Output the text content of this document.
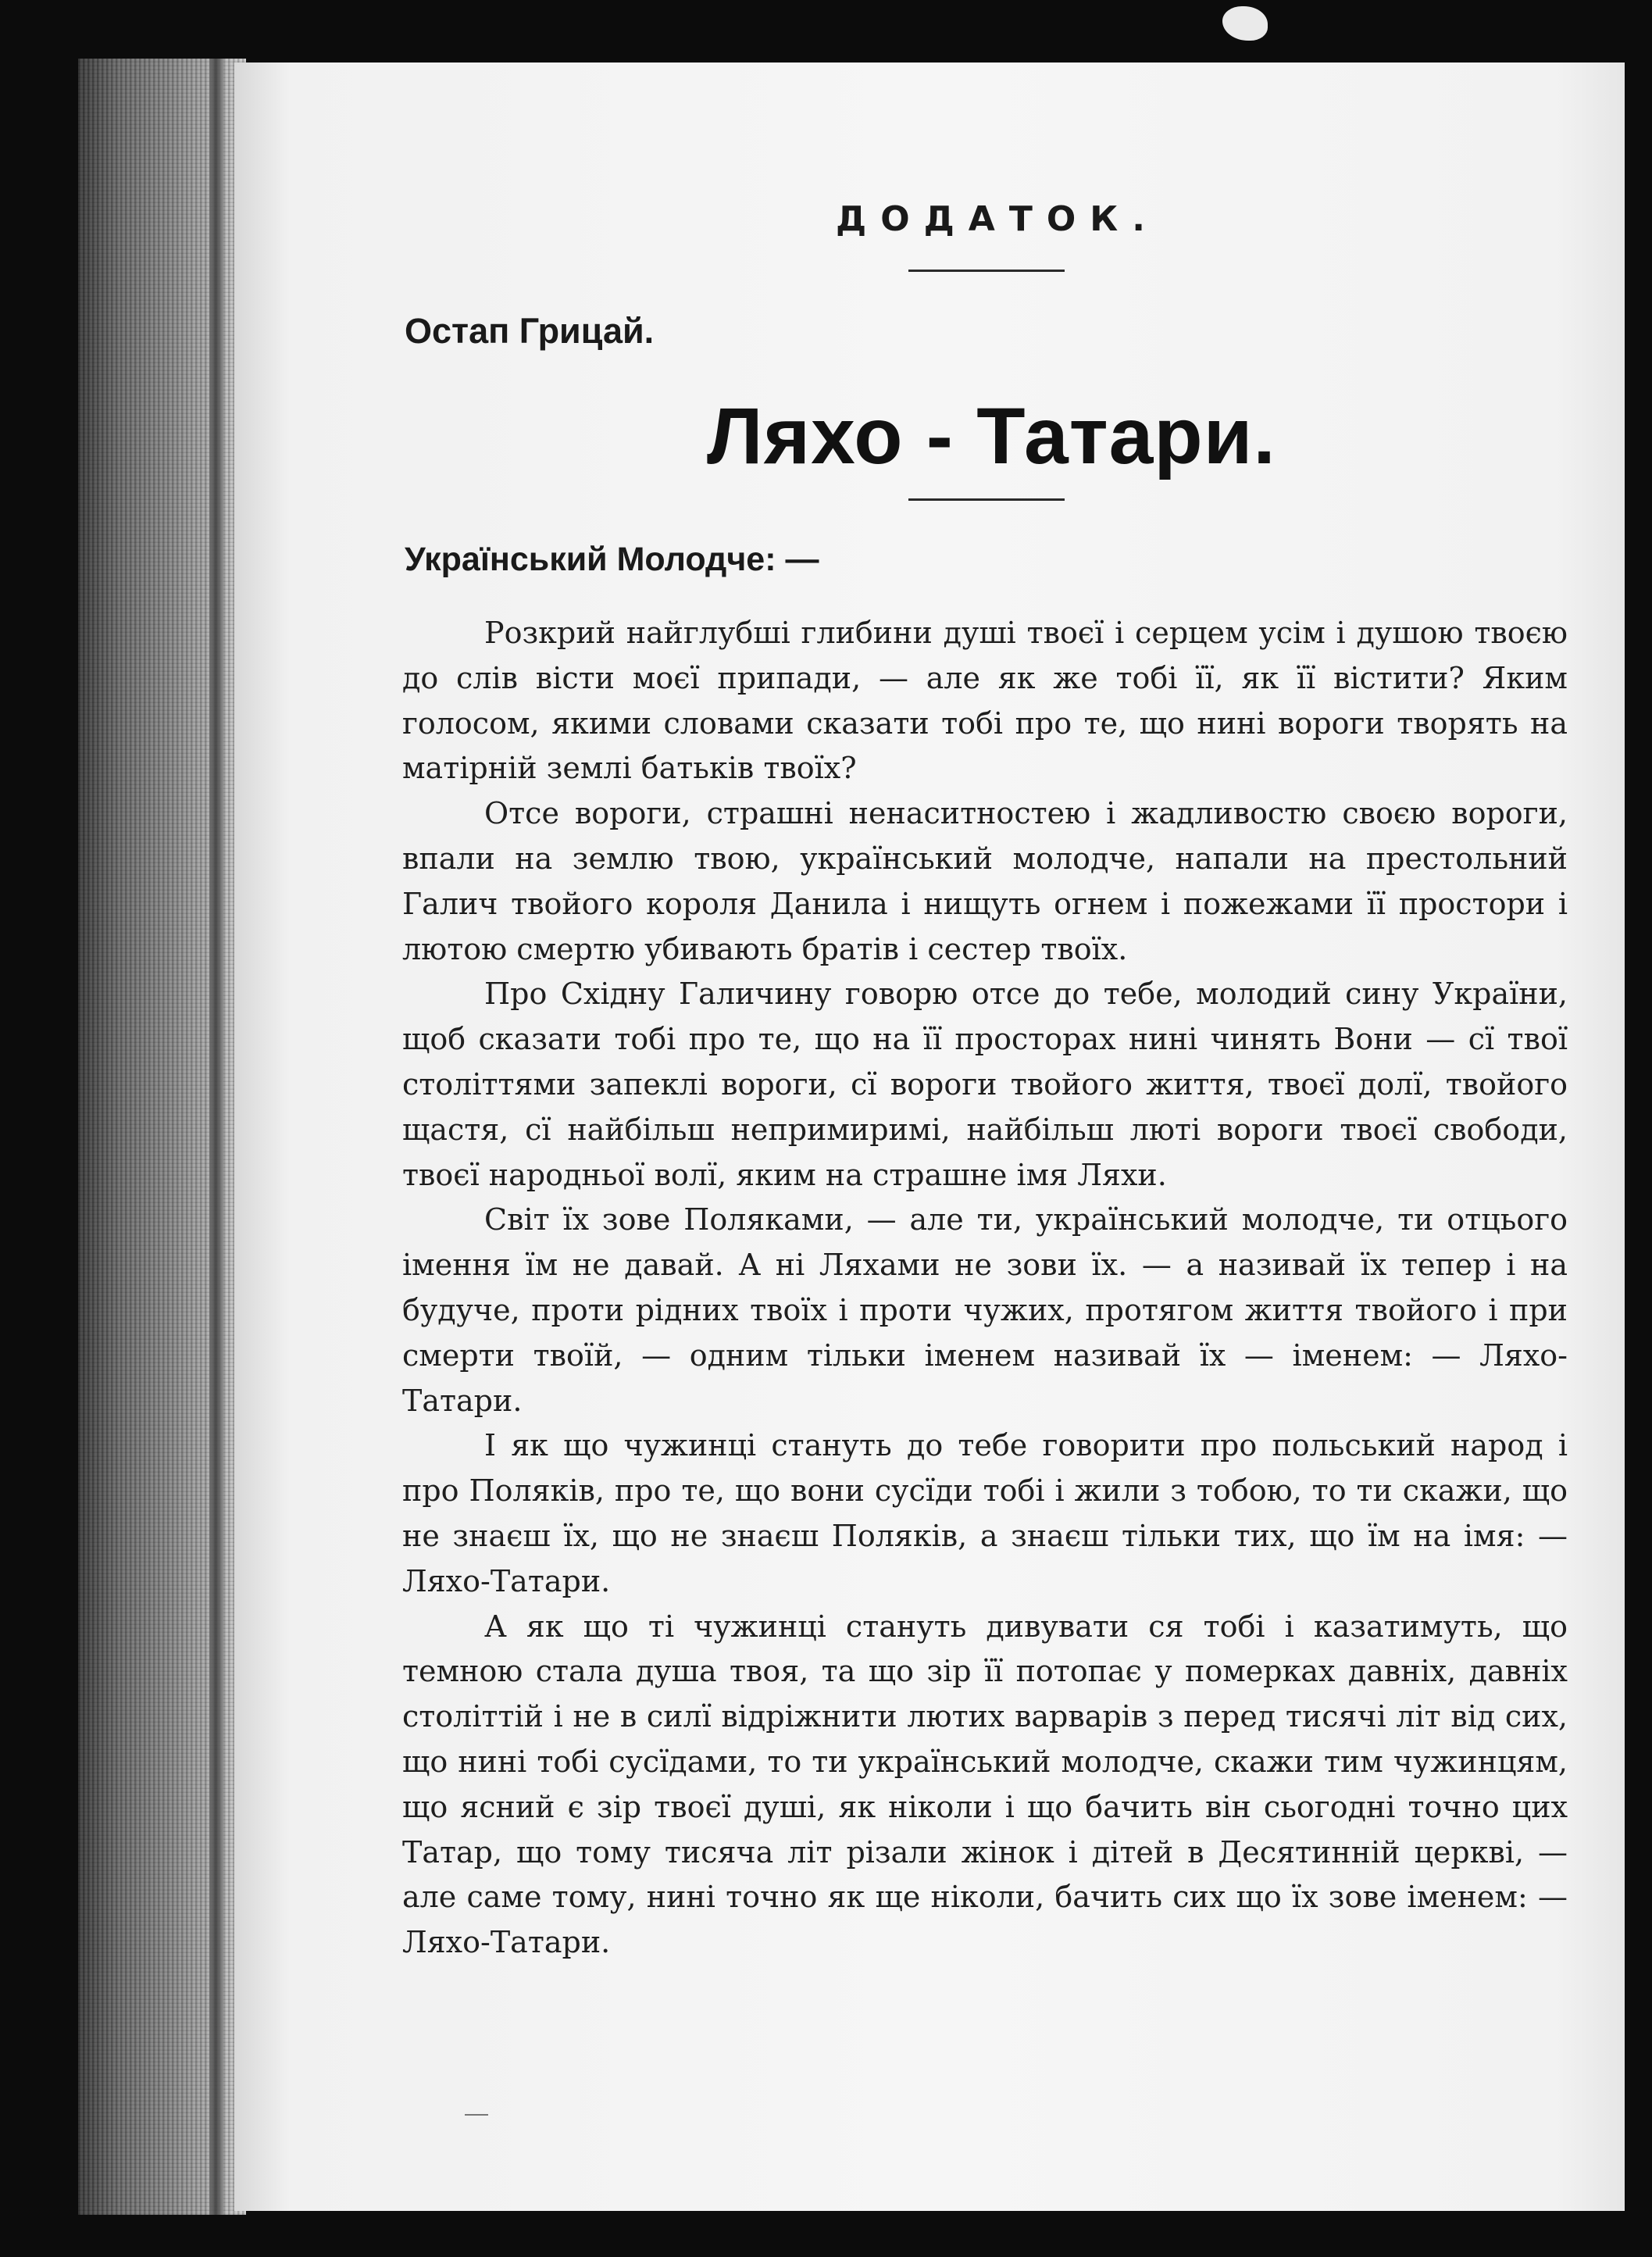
ДОДАТОК.
Остап Грицай.
Ляхо - Татари.
Український Молодче: —

Розкрий найглубші глибини душі твоєї і серцем усім і душою твоєю до слів вісти моєї припади, — але як же тобі її, як її вістити? Яким голосом, якими словами сказати тобі про те, що нині вороги творять на матірній землі батьків твоїх?

Отсе вороги, страшні ненаситностею і жадливостю своєю вороги, впали на землю твою, український молодче, напали на престольний Галич твойого короля Данила і нищуть огнем і пожежами її простори і лютою смертю убивають братів і сестер твоїх.

Про Східну Галичину говорю отсе до тебе, молодий сину України, щоб сказати тобі про те, що на її просторах нині чинять Вони — сї твої століттями запеклі вороги, сї вороги твойого життя, твоєї долї, твойого щастя, сї найбільш непримиримі, найбільш люті вороги твоєї свободи, твоєї народньої волї, яким на страшне імя Ляхи.

Світ їх зове Поляками, — але ти, український молодче, ти отцього імення їм не давай. А ні Ляхами не зови їх. — а називай їх тепер і на будуче, проти рідних твоїх і проти чужих, протягом життя твойого і при смерти твоїй, — одним тільки іменем називай їх — іменем: — Ляхо-Татари.

І як що чужинці стануть до тебе говорити про польський народ і про Поляків, про те, що вони сусїди тобі і жили з тобою, то ти скажи, що не знаєш їх, що не знаєш Поляків, а знаєш тільки тих, що їм на імя: — Ляхо-Татари.

А як що ті чужинці стануть дивувати ся тобі і казатимуть, що темною стала душа твоя, та що зір її потопає у померках давніх, давніх століттій і не в силї відріжнити лютих варварів з перед тисячі літ від сих, що нині тобі сусїдами, то ти український молодче, скажи тим чужинцям, що ясний є зір твоєї душі, як ніколи і що бачить він сьогодні точно цих Татар, що тому тисяча літ різали жінок і дітей в Десятинній церкві, — але саме тому, нині точно як ще ніколи, бачить сих що їх зове іменем: — Ляхо-Татари.
